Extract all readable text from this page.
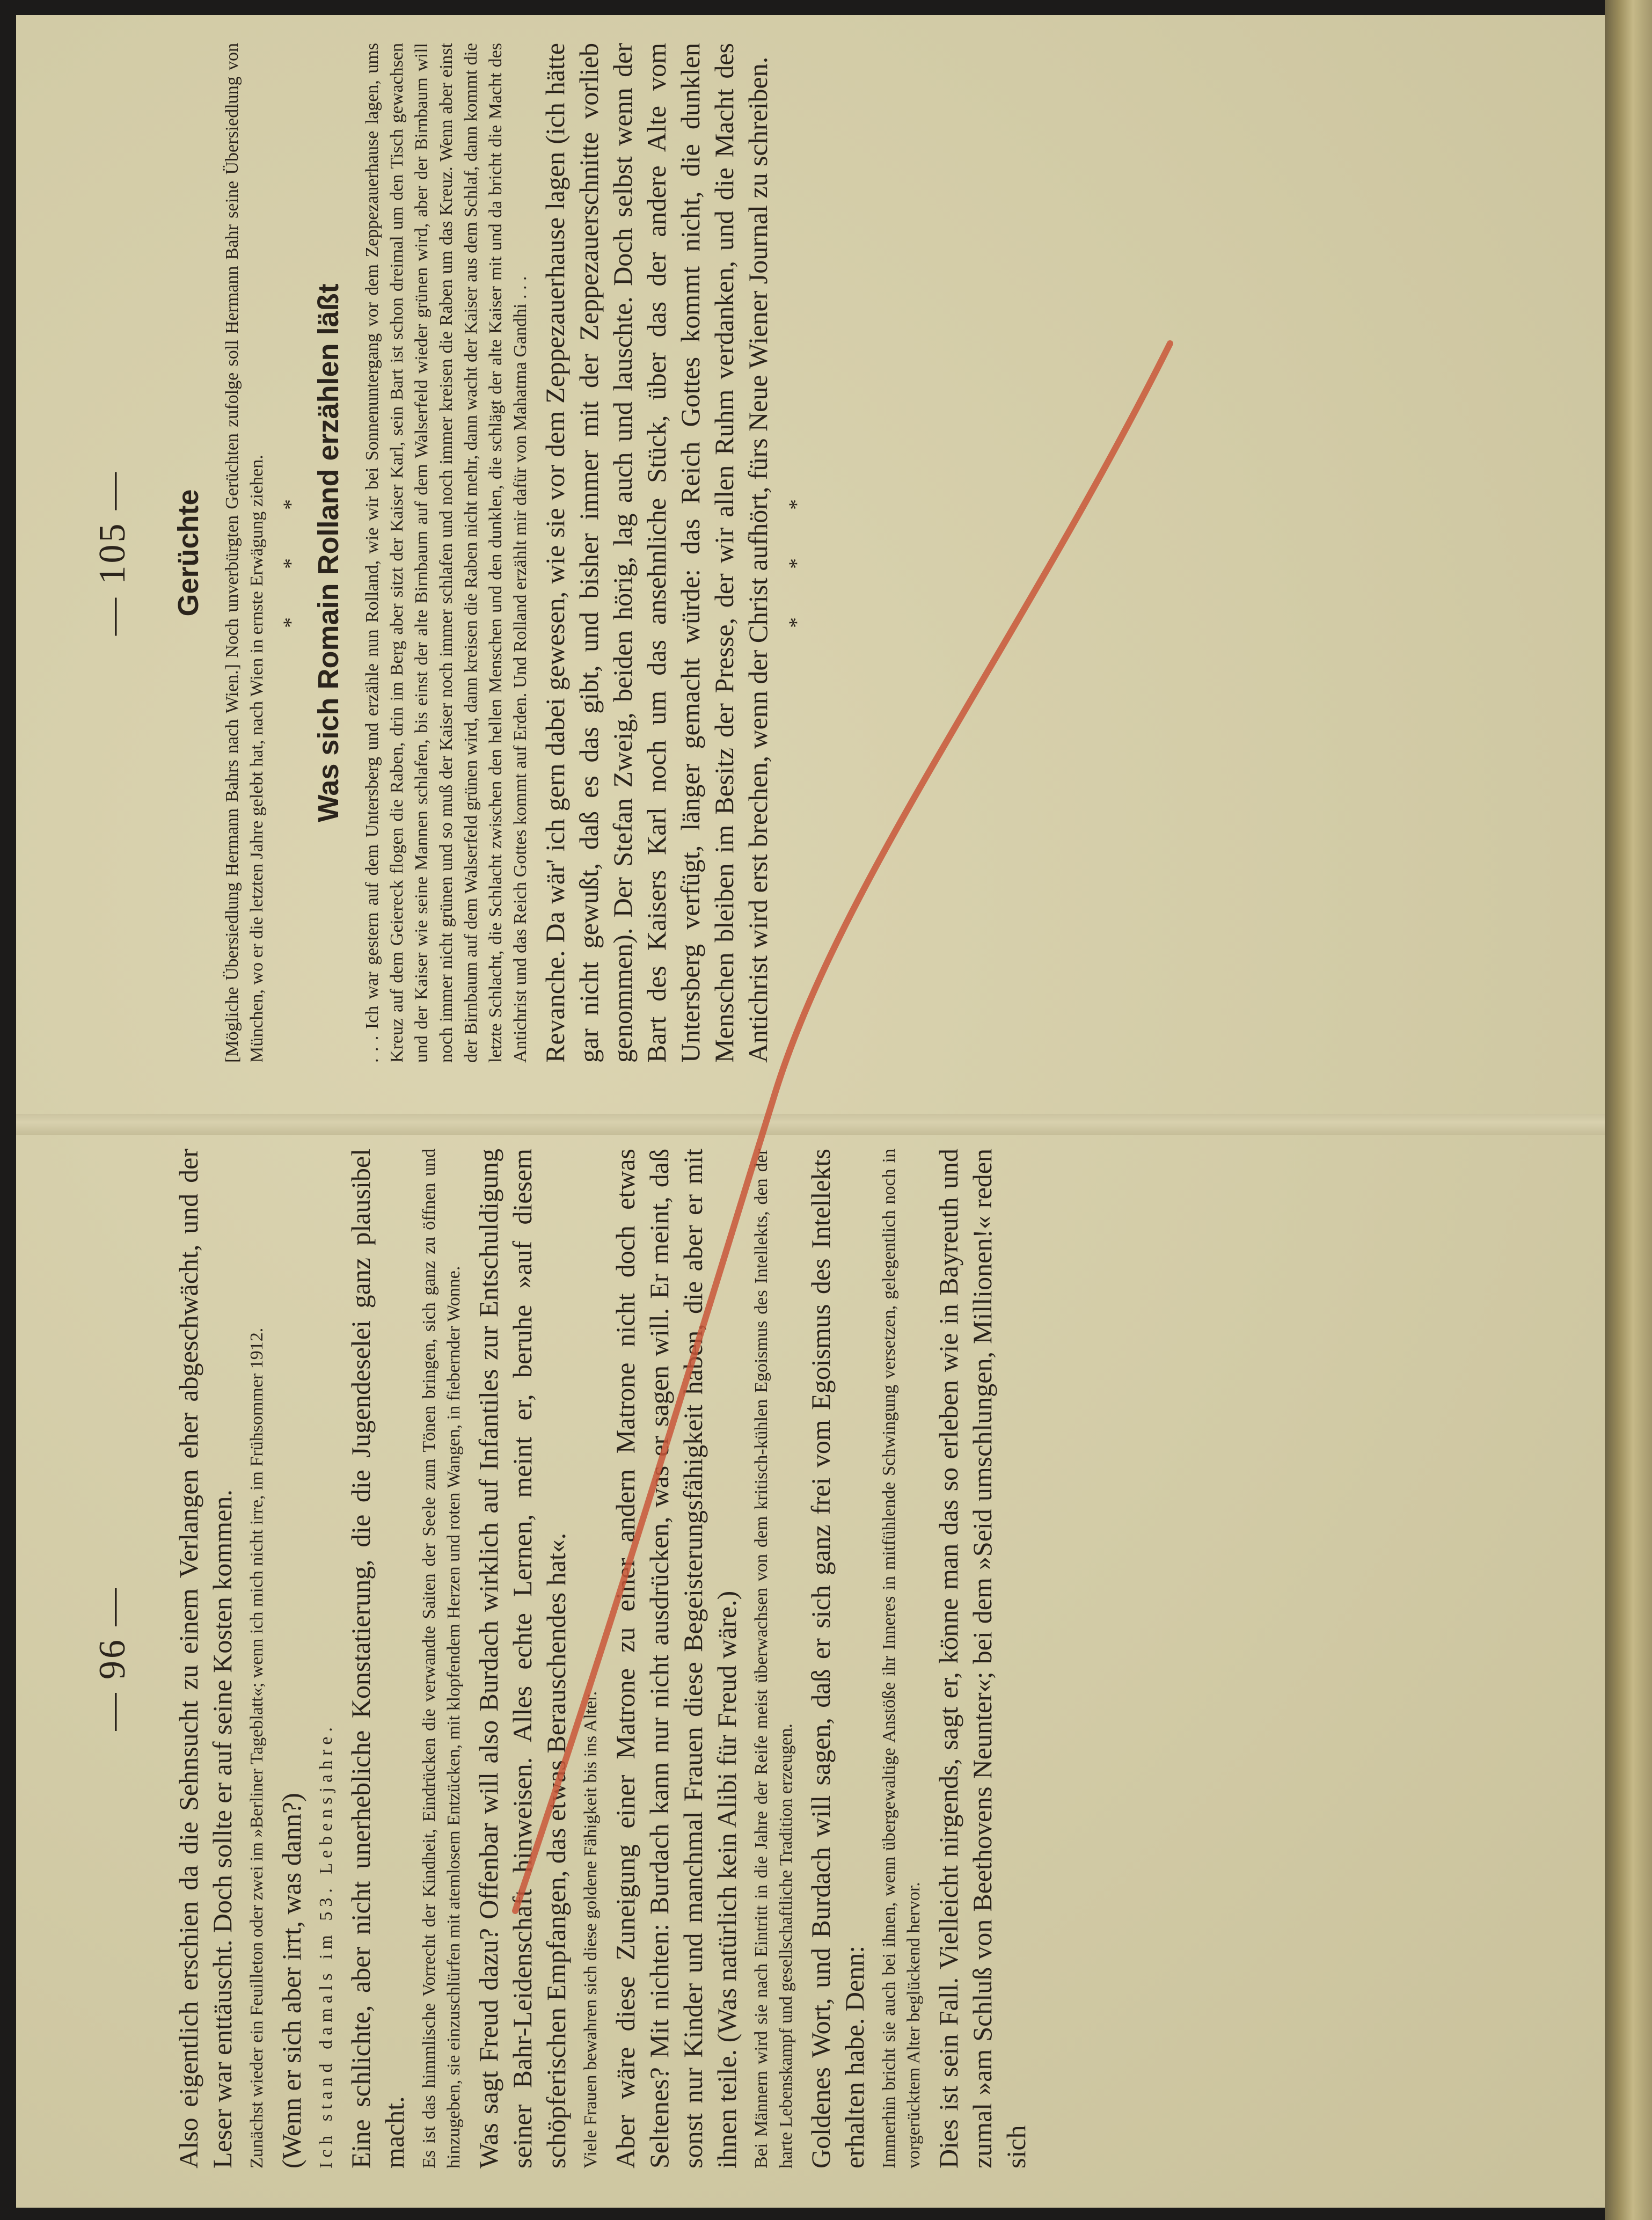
— 105 — Gerüchte [Mögliche Übersiedlung Hermann Bahrs nach Wien.] Noch unverbürgten Gerüchten zufolge soll Hermann Bahr seine Übersiedlung von München, wo er die letzten Jahre gelebt hat, nach Wien in ernste Erwägung ziehen. * * * Was sich Romain Rolland erzählen läßt . . . Ich war gestern auf dem Untersberg und erzähle nun Rolland, wie wir bei Sonnenuntergang vor dem Zeppezauerhause lagen, ums Kreuz auf dem Geiereck flogen die Raben, drin im Berg aber sitzt der Kaiser Karl, sein Bart ist schon dreimal um den Tisch gewachsen und der Kaiser wie seine Mannen schlafen, bis einst der alte Birnbaum auf dem Walserfeld wieder grünen wird, aber der Birnbaum will noch immer nicht grünen und so muß der Kaiser noch immer schlafen und noch immer kreisen die Raben um das Kreuz. Wenn aber einst der Birnbaum auf dem Walserfeld grünen wird, dann kreisen die Raben nicht mehr, dann wacht der Kaiser aus dem Schlaf, dann kommt die letzte Schlacht, die Schlacht zwischen den hellen Menschen und den dunklen, die schlägt der alte Kaiser mit und da bricht die Macht des Antichrist und das Reich Gottes kommt auf Erden. Und Rolland erzählt mir dafür von Mahatma Gandhi . . . Revanche. Da wär' ich gern dabei gewesen, wie sie vor dem Zeppezauerhause lagen (ich hätte gar nicht gewußt, daß es das gibt, und bisher immer mit der Zeppezauerschnitte vorlieb genommen). Der Stefan Zweig, beiden hörig, lag auch und lauschte. Doch selbst wenn der Bart des Kaisers Karl noch um das ansehnliche Stück, über das der andere Alte vom Untersberg verfügt, länger gemacht würde: das Reich Gottes kommt nicht, die dunklen Menschen bleiben im Besitz der Presse, der wir allen Ruhm verdanken, und die Macht des Antichrist wird erst brechen, wenn der Christ aufhört, fürs Neue Wiener Journal zu schreiben. * * *
— 96 — Also eigentlich erschien da die Sehnsucht zu einem Verlangen eher abgeschwächt, und der Leser war enttäuscht. Doch sollte er auf seine Kosten kommen. Zunächst wieder ein Feuilleton oder zwei im »Berliner Tageblatt«; wenn ich mich nicht irre, im Frühsommer 1912. (Wenn er sich aber irrt, was dann?) Ich stand damals im 53. Lebensjahre. Eine schlichte, aber nicht unerhebliche Konstatierung, die die Jugendeselei ganz plausibel macht. Es ist das himmlische Vorrecht der Kindheit, Eindrücken die verwandte Saiten der Seele zum Tönen bringen, sich ganz zu öffnen und hinzugeben, sie einzuschlürfen mit atemlosem Entzücken, mit klopfendem Herzen und roten Wangen, in fiebernder Wonne. Was sagt Freud dazu? Offenbar will also Burdach wirklich auf Infantiles zur Entschuldigung seiner Bahr-Leidenschaft hinweisen. Alles echte Lernen, meint er, beruhe »auf diesem schöpferischen Empfangen, das etwas Berauschendes hat«. Viele Frauen bewahren sich diese goldene Fähigkeit bis ins Alter. Aber wäre diese Zuneigung einer Matrone zu einer andern Matrone nicht doch etwas Seltenes? Mit nichten: Burdach kann nur nicht ausdrücken, was er sagen will. Er meint, daß sonst nur Kinder und manchmal Frauen diese Begeisterungsfähigkeit haben, die aber er mit ihnen teile. (Was natürlich kein Alibi für Freud wäre.) Bei Männern wird sie nach Eintritt in die Jahre der Reife meist überwachsen von dem kritisch-kühlen Egoismus des Intellekts, den der harte Lebenskampf und gesellschaftliche Tradition erzeugen. Goldenes Wort, und Burdach will sagen, daß er sich ganz frei vom Egoismus des Intellekts erhalten habe. Denn: Immerhin bricht sie auch bei ihnen, wenn übergewaltige Anstöße ihr Inneres in mitfühlende Schwingung versetzen, gelegentlich noch in vorgerücktem Alter beglückend hervor. Dies ist sein Fall. Vielleicht nirgends, sagt er, könne man das so erleben wie in Bayreuth und zumal »am Schluß von Beethovens Neunter«; bei dem »Seid umschlungen, Millionen!« reden sich
